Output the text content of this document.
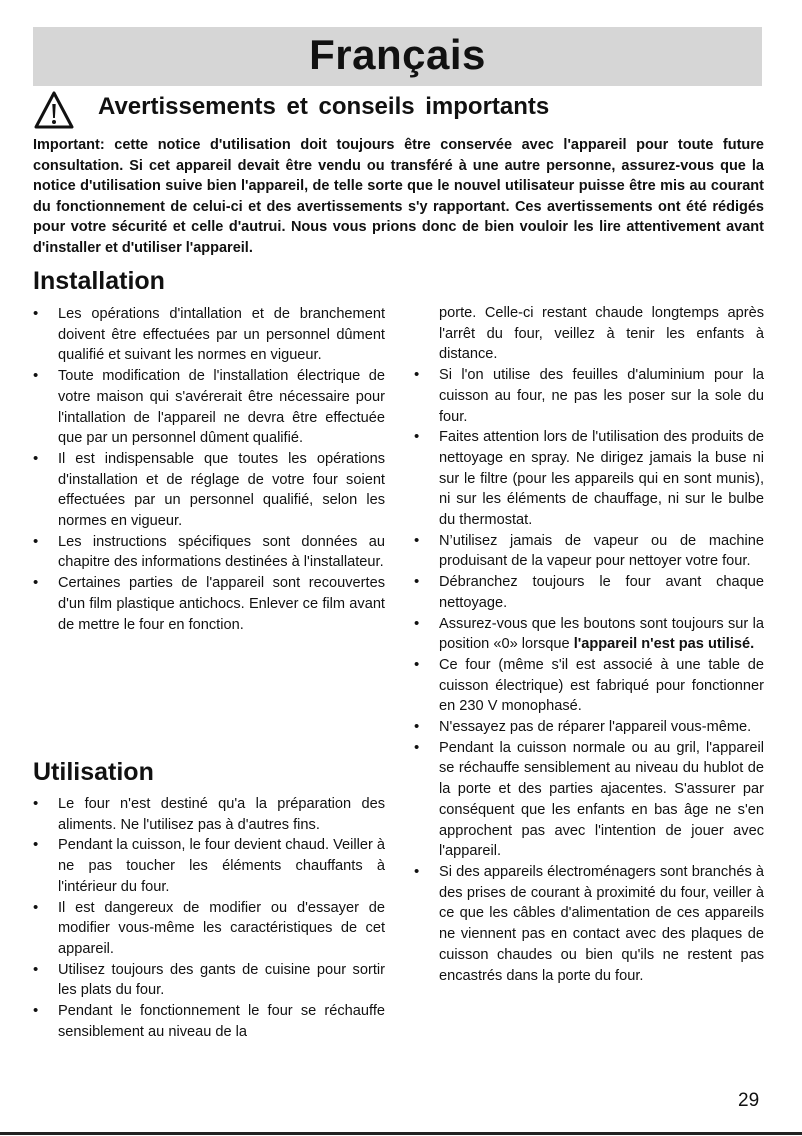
Français
Avertissements et conseils importants

Important: cette notice d'utilisation doit toujours être conservée avec l'appareil pour toute future consultation. Si cet appareil devait être vendu ou transféré à une autre personne, assurez-vous que la notice d'utilisation suive bien l'appareil, de telle sorte que le nouvel utilisateur puisse être mis au courant du fonctionnement de celui-ci et des avertissements s'y rapportant. Ces avertissements ont été rédigés pour votre sécurité et celle d'autrui. Nous vous prions donc de bien vouloir les lire attentivement avant d'installer et d'utiliser l'appareil.

Installation
• Les opérations d'intallation et de branchement doivent être effectuées par un personnel dûment qualifié et suivant les normes en vigueur.
• Toute modification de l'installation électrique de votre maison qui s'avérerait être nécessaire pour l'intallation de l'appareil ne devra être effectuée que par un personnel dûment qualifié.
• Il est indispensable que toutes les opérations d'installation et de réglage de votre four soient effectuées par un personnel qualifié, selon les normes en vigueur.
• Les instructions spécifiques sont données au chapitre des informations destinées à l'installateur.
• Certaines parties de l'appareil sont recouvertes d'un film plastique antichocs. Enlever ce film avant de mettre le four en fonction.
Utilisation
• Le four n'est destiné qu'a la préparation des aliments. Ne l'utilisez pas à d'autres fins.
• Pendant la cuisson, le four devient chaud. Veiller à ne pas toucher les éléments chauffants à l'intérieur du four.
• Il est dangereux de modifier ou d'essayer de modifier vous-même les caractéristiques de cet appareil.
• Utilisez toujours des gants de cuisine pour sortir les plats du four.
• Pendant le fonctionnement le four se réchauffe sensiblement au niveau de la
porte. Celle-ci restant chaude longtemps après l'arrêt du four, veillez à tenir les enfants à distance.
• Si l'on utilise des feuilles d'aluminium pour la cuisson au four, ne pas les poser sur la sole du four.
• Faites attention lors de l'utilisation des produits de nettoyage en spray. Ne dirigez jamais la buse ni sur le filtre (pour les appareils qui en sont munis), ni sur les éléments de chauffage, ni sur le bulbe du thermostat.
• N’utilisez jamais de vapeur ou de machine produisant de la vapeur pour nettoyer votre four.
• Débranchez toujours le four avant chaque nettoyage.
• Assurez-vous que les boutons sont toujours sur la position «0» lorsque l'appareil n'est pas utilisé.
• Ce four (même s'il est associé à une table de cuisson électrique) est fabriqué pour fonctionner en 230 V monophasé.
• N'essayez pas de réparer l'appareil vous-même.
• Pendant la cuisson normale ou au gril, l'appareil se réchauffe sensiblement au niveau du hublot de la porte et des parties ajacentes. S'assurer par conséquent que les enfants en bas âge ne s'en approchent pas avec l'intention de jouer avec l'appareil.
• Si des appareils électroménagers sont branchés à des prises de courant à proximité du four, veiller à ce que les câbles d'alimentation de ces appareils ne viennent pas en contact avec des plaques de cuisson chaudes ou bien qu'ils ne restent pas encastrés dans la porte du four.
29
